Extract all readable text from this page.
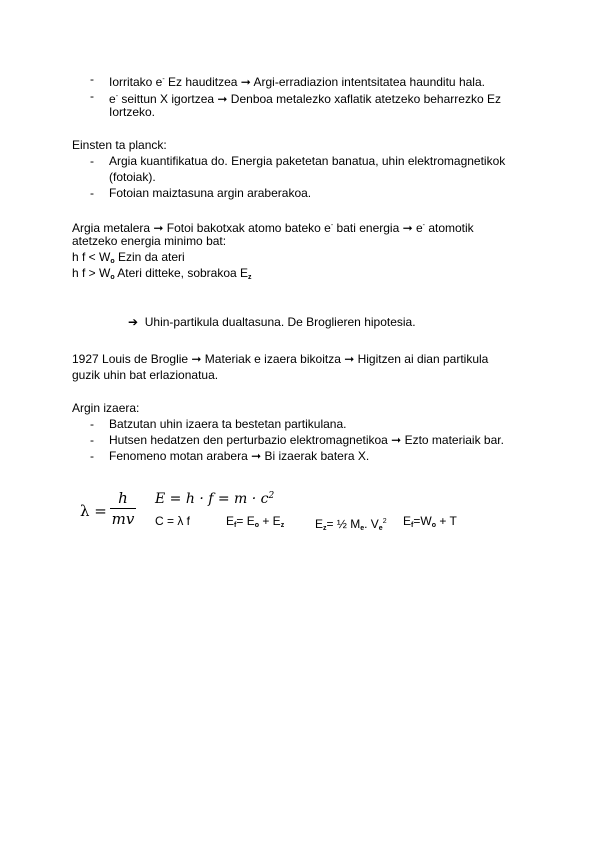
- Iorritako e- Ez hauditzea ➞ Argi-erradiazion intentsitatea haunditu hala.
- e- seittun X igortzea ➞ Denboa metalezko xaflatik atetzeko beharrezko Ez
Iortzeko.
Einsten ta planck:
- Argia kuantifikatua do. Energia paketetan banatua, uhin elektromagnetikok
(fotoiak).
- Fotoian maiztasuna argin araberakoa.
Argia metalera ➞ Fotoi bakotxak atomo bateko e- bati energia ➞ e- atomotik
atetzeko energia minimo bat:
h $f < W_o$ Ezin da ateri
h $f > W_o$ Ateri ditteke, sobrakoa $E_z$
➔ Uhin-partikula dualtasuna. De Broglieren hipotesia.
1927 Louis de Broglie ➞ Materiak e izaera bikoitza ➞ Higitzen ai dian partikula
guzik uhin bat erlazionatua.
Argin izaera:
- Batzutan uhin izaera ta bestetan partikulana.
- Hutsen hedatzen den perturbazio elektromagnetikoa ➞ Ezto materiaik bar.
- Fenomeno motan arabera ➞ Bi izaerak batera X.
λ =
h
mv
$E = h \cdot f = m \cdot c^2$
C = λ f	$E_f= E_o + E_z$	$E_z=$ ½ $M_e$. $V_e^2$ $E_f=W_o + T$
